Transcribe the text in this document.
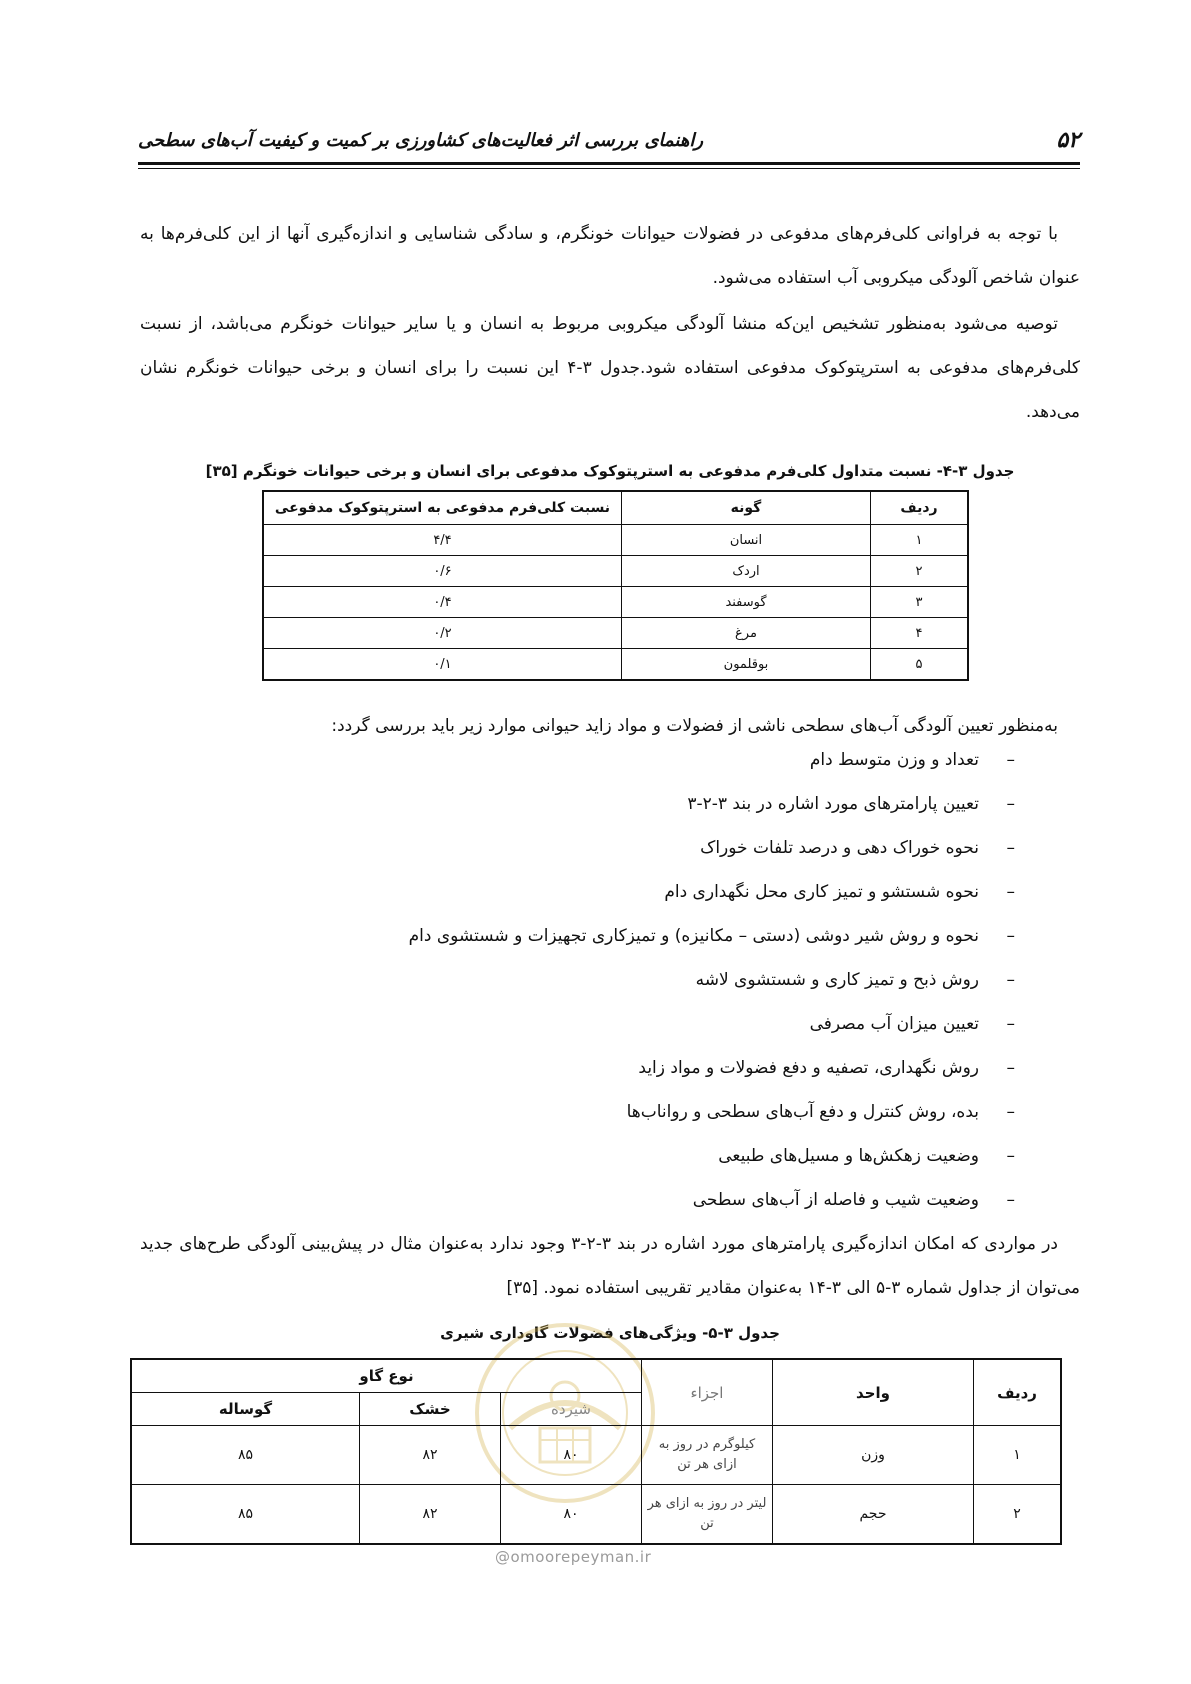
۵۲
راهنمای بررسی اثر فعالیت‌های کشاورزی بر کمیت و کیفیت آب‌های سطحی

با توجه به فراوانی کلی‌فرم‌های مدفوعی در فضولات حیوانات خونگرم، و سادگی شناسایی و اندازه‌گیری آنها از این کلی‌فرم‌ها به عنوان شاخص آلودگی میکروبی آب استفاده می‌شود.

توصیه می‌شود به‌منظور تشخیص این‌که منشا آلودگی میکروبی مربوط به انسان و یا سایر حیوانات خونگرم می‌باشد، از نسبت کلی‌فرم‌های مدفوعی به استرپتوکوک مدفوعی استفاده شود.جدول ۳-۴ این نسبت را برای انسان و برخی حیوانات خونگرم نشان می‌دهد.

جدول ۳-۴- نسبت متداول کلی‌فرم مدفوعی به استرپتوکوک مدفوعی برای انسان و برخی حیوانات خونگرم [۳۵]
ردیف	گونه	نسبت کلی‌فرم مدفوعی به استرپتوکوک مدفوعی
۱	انسان	۴/۴
۲	اردک	۰/۶
۳	گوسفند	۰/۴
۴	مرغ	۰/۲
۵	بوقلمون	۰/۱

به‌منظور تعیین آلودگی آب‌های سطحی ناشی از فضولات و مواد زاید حیوانی موارد زیر باید بررسی گردد:

–تعداد و وزن متوسط دام
–تعیین پارامترهای مورد اشاره در بند ۳-۲-۳
–نحوه خوراک دهی و درصد تلفات خوراک
–نحوه شستشو و تمیز کاری محل نگهداری دام
–نحوه و روش شیر دوشی (دستی – مکانیزه) و تمیزکاری تجهیزات و شستشوی دام
–روش ذبح و تمیز کاری و شستشوی لاشه
–تعیین میزان آب مصرفی
–روش نگهداری، تصفیه و دفع فضولات و مواد زاید
–بده، روش کنترل و دفع آب‌های سطحی و رواناب‌ها
–وضعیت زهکش‌ها و مسیل‌های طبیعی
–وضعیت شیب و فاصله از آب‌های سطحی

در مواردی که امکان اندازه‌گیری پارامترهای مورد اشاره در بند ۳-۲-۳ وجود ندارد به‌عنوان مثال در پیش‌بینی آلودگی طرح‌های جدید می‌توان از جداول شماره ۳-۵ الی ۳-۱۴ به‌عنوان مقادیر تقریبی استفاده نمود. [۳۵]

جدول ۳-۵- ویژگی‌های فضولات گاوداری شیری
ردیف	واحد	اجزاء	نوع گاو		
			شیرده	خشک	گوساله
۱	وزن	کیلوگرم در روز به ازای هر تن	۸۰	۸۲	۸۵
۲	حجم	لیتر در روز به ازای هر تن	۸۰	۸۲	۸۵
@omoorepeyman.ir
